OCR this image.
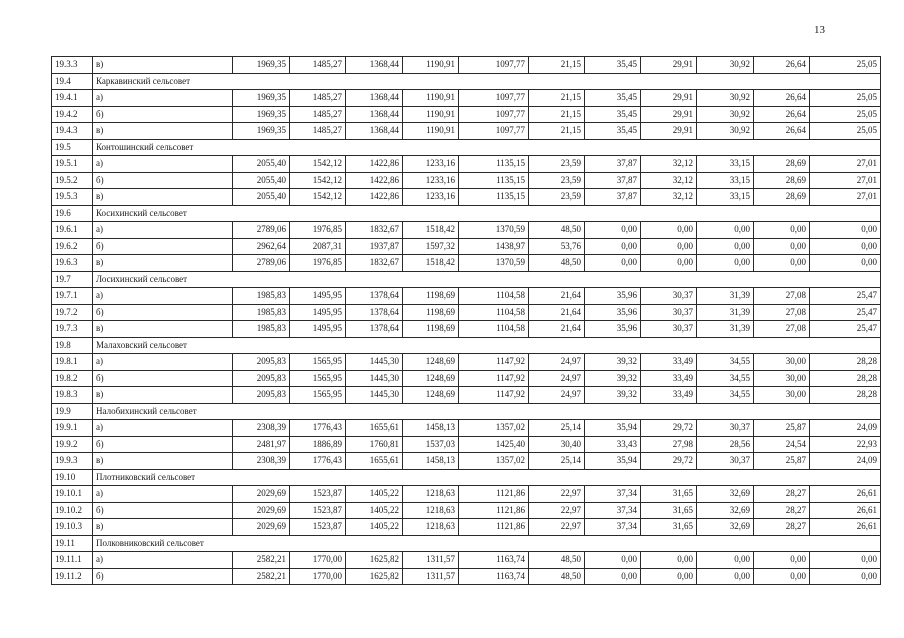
13
19.3.3	в)	1969,35	1485,27	1368,44	1190,91	1097,77	21,15	35,45	29,91	30,92	26,64	25,05
19.4	Каркавинский сельсовет											
19.4.1	а)	1969,35	1485,27	1368,44	1190,91	1097,77	21,15	35,45	29,91	30,92	26,64	25,05
19.4.2	б)	1969,35	1485,27	1368,44	1190,91	1097,77	21,15	35,45	29,91	30,92	26,64	25,05
19.4.3	в)	1969,35	1485,27	1368,44	1190,91	1097,77	21,15	35,45	29,91	30,92	26,64	25,05
19.5	Контошинский сельсовет											
19.5.1	а)	2055,40	1542,12	1422,86	1233,16	1135,15	23,59	37,87	32,12	33,15	28,69	27,01
19.5.2	б)	2055,40	1542,12	1422,86	1233,16	1135,15	23,59	37,87	32,12	33,15	28,69	27,01
19.5.3	в)	2055,40	1542,12	1422,86	1233,16	1135,15	23,59	37,87	32,12	33,15	28,69	27,01
19.6	Косихинский сельсовет											
19.6.1	а)	2789,06	1976,85	1832,67	1518,42	1370,59	48,50	0,00	0,00	0,00	0,00	0,00
19.6.2	б)	2962,64	2087,31	1937,87	1597,32	1438,97	53,76	0,00	0,00	0,00	0,00	0,00
19.6.3	в)	2789,06	1976,85	1832,67	1518,42	1370,59	48,50	0,00	0,00	0,00	0,00	0,00
19.7	Лосихинский сельсовет											
19.7.1	а)	1985,83	1495,95	1378,64	1198,69	1104,58	21,64	35,96	30,37	31,39	27,08	25,47
19.7.2	б)	1985,83	1495,95	1378,64	1198,69	1104,58	21,64	35,96	30,37	31,39	27,08	25,47
19.7.3	в)	1985,83	1495,95	1378,64	1198,69	1104,58	21,64	35,96	30,37	31,39	27,08	25,47
19.8	Малаховский сельсовет											
19.8.1	а)	2095,83	1565,95	1445,30	1248,69	1147,92	24,97	39,32	33,49	34,55	30,00	28,28
19.8.2	б)	2095,83	1565,95	1445,30	1248,69	1147,92	24,97	39,32	33,49	34,55	30,00	28,28
19.8.3	в)	2095,83	1565,95	1445,30	1248,69	1147,92	24,97	39,32	33,49	34,55	30,00	28,28
19.9	Налобихинский сельсовет											
19.9.1	а)	2308,39	1776,43	1655,61	1458,13	1357,02	25,14	35,94	29,72	30,37	25,87	24,09
19.9.2	б)	2481,97	1886,89	1760,81	1537,03	1425,40	30,40	33,43	27,98	28,56	24,54	22,93
19.9.3	в)	2308,39	1776,43	1655,61	1458,13	1357,02	25,14	35,94	29,72	30,37	25,87	24,09
19.10	Плотниковский сельсовет											
19.10.1	а)	2029,69	1523,87	1405,22	1218,63	1121,86	22,97	37,34	31,65	32,69	28,27	26,61
19.10.2	б)	2029,69	1523,87	1405,22	1218,63	1121,86	22,97	37,34	31,65	32,69	28,27	26,61
19.10.3	в)	2029,69	1523,87	1405,22	1218,63	1121,86	22,97	37,34	31,65	32,69	28,27	26,61
19.11	Полковниковский сельсовет											
19.11.1	а)	2582,21	1770,00	1625,82	1311,57	1163,74	48,50	0,00	0,00	0,00	0,00	0,00
19.11.2	б)	2582,21	1770,00	1625,82	1311,57	1163,74	48,50	0,00	0,00	0,00	0,00	0,00
